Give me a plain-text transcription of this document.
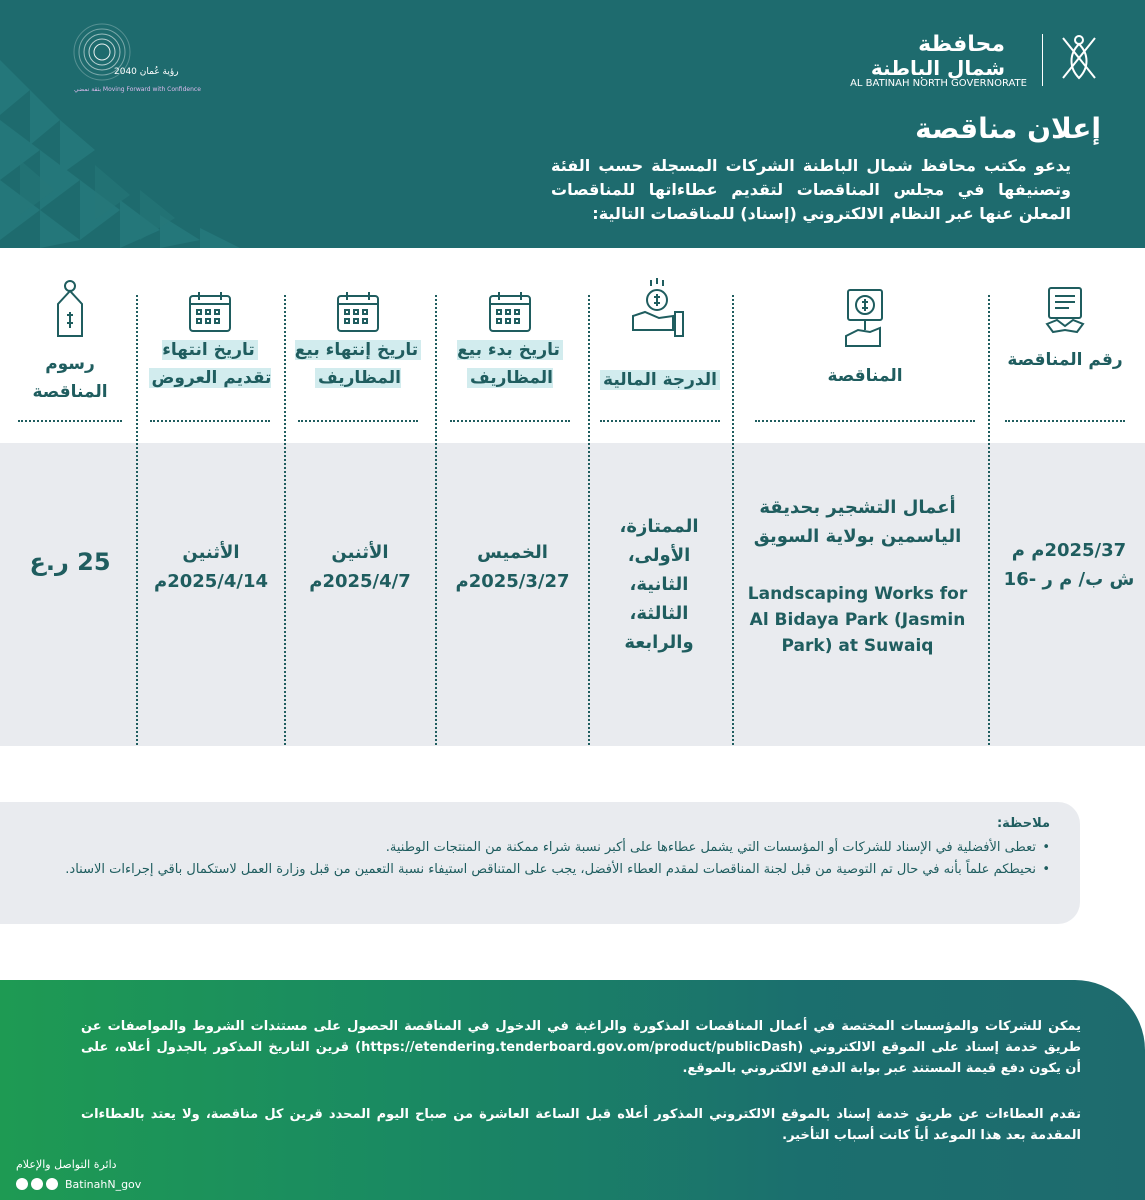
رؤية عُمان 2040
بثقة نمضي Moving Forward with Confidence
محافظة
شمال الباطنة
AL BATINAH NORTH GOVERNORATE
إعلان مناقصة
يدعو مكتب محافظ شمال الباطنة الشركات المسجلة حسب الفئة وتصنيفها في مجلس المناقصات لتقديم عطاءاتها للمناقصات المعلن عنها عبر النظام الالكتروني (إسناد) للمناقصات التالية:
رقم المناقصة
المناقصة
الدرجة المالية
تاريخ بدء بيع المظاريف
تاريخ إنتهاء بيع المظاريف
تاريخ انتهاء تقديم العروض
رسوم المناقصة
2025/37م م
ش ب/ م ر -16
أعمال التشجير بحديقة الياسمين بولاية السويق
Landscaping Works for Al Bidaya Park (Jasmin Park) at Suwaiq
الممتازة، الأولى، الثانية، الثالثة، والرابعة
الخميس
2025/3/27م
الأثنين
2025/4/7م
الأثنين
2025/4/14م
25 ر.ع
ملاحظة:
• تعطى الأفضلية في الإسناد للشركات أو المؤسسات التي يشمل عطاءها على أكبر نسبة شراء ممكنة من المنتجات الوطنية.
• نحيطكم علماً بأنه في حال تم التوصية من قبل لجنة المناقصات لمقدم العطاء الأفضل، يجب على المتناقص استيفاء نسبة التعمين من قبل وزارة العمل لاستكمال باقي إجراءات الاسناد.
يمكن للشركات والمؤسسات المختصة في أعمال المناقصات المذكورة والراغبة في الدخول في المناقصة الحصول على مستندات الشروط والمواصفات عن طريق خدمة إسناد على الموقع الالكتروني (https://etendering.tenderboard.gov.om/product/publicDash) قرين التاريخ المذكور بالجدول أعلاه، على أن يكون دفع قيمة المستند عبر بوابة الدفع الالكتروني بالموقع.
تقدم العطاءات عن طريق خدمة إسناد بالموقع الالكتروني المذكور أعلاه قبل الساعة العاشرة من صباح اليوم المحدد قرين كل مناقصة، ولا يعتد بالعطاءات المقدمة بعد هذا الموعد أياً كانت أسباب التأخير.
دائرة التواصل والإعلام
BatinahN_gov
